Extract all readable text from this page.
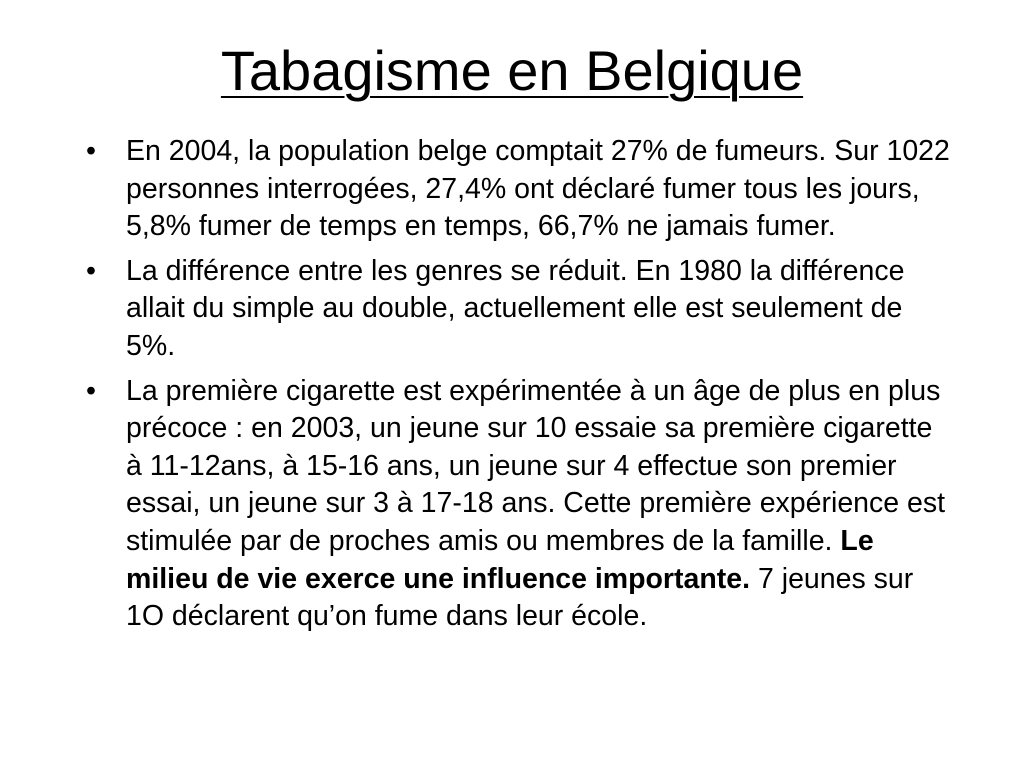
Tabagisme en Belgique
•	En 2004, la population belge comptait 27% de fumeurs. Sur 1022 personnes interrogées, 27,4% ont déclaré fumer tous les jours, 5,8% fumer de temps en temps, 66,7% ne jamais fumer.
•	La différence entre les genres se réduit. En 1980 la différence allait du simple au double, actuellement elle est seulement de 5%.
•	La première cigarette est expérimentée à un âge de plus en plus précoce : en 2003, un jeune sur 10 essaie sa première cigarette à 11-12ans, à 15-16 ans, un jeune sur 4 effectue son premier essai, un jeune sur 3 à 17-18 ans. Cette première expérience est stimulée par de proches amis ou membres de la famille. Le milieu de vie exerce une influence importante. 7 jeunes sur 1O déclarent qu’on fume dans leur école.
